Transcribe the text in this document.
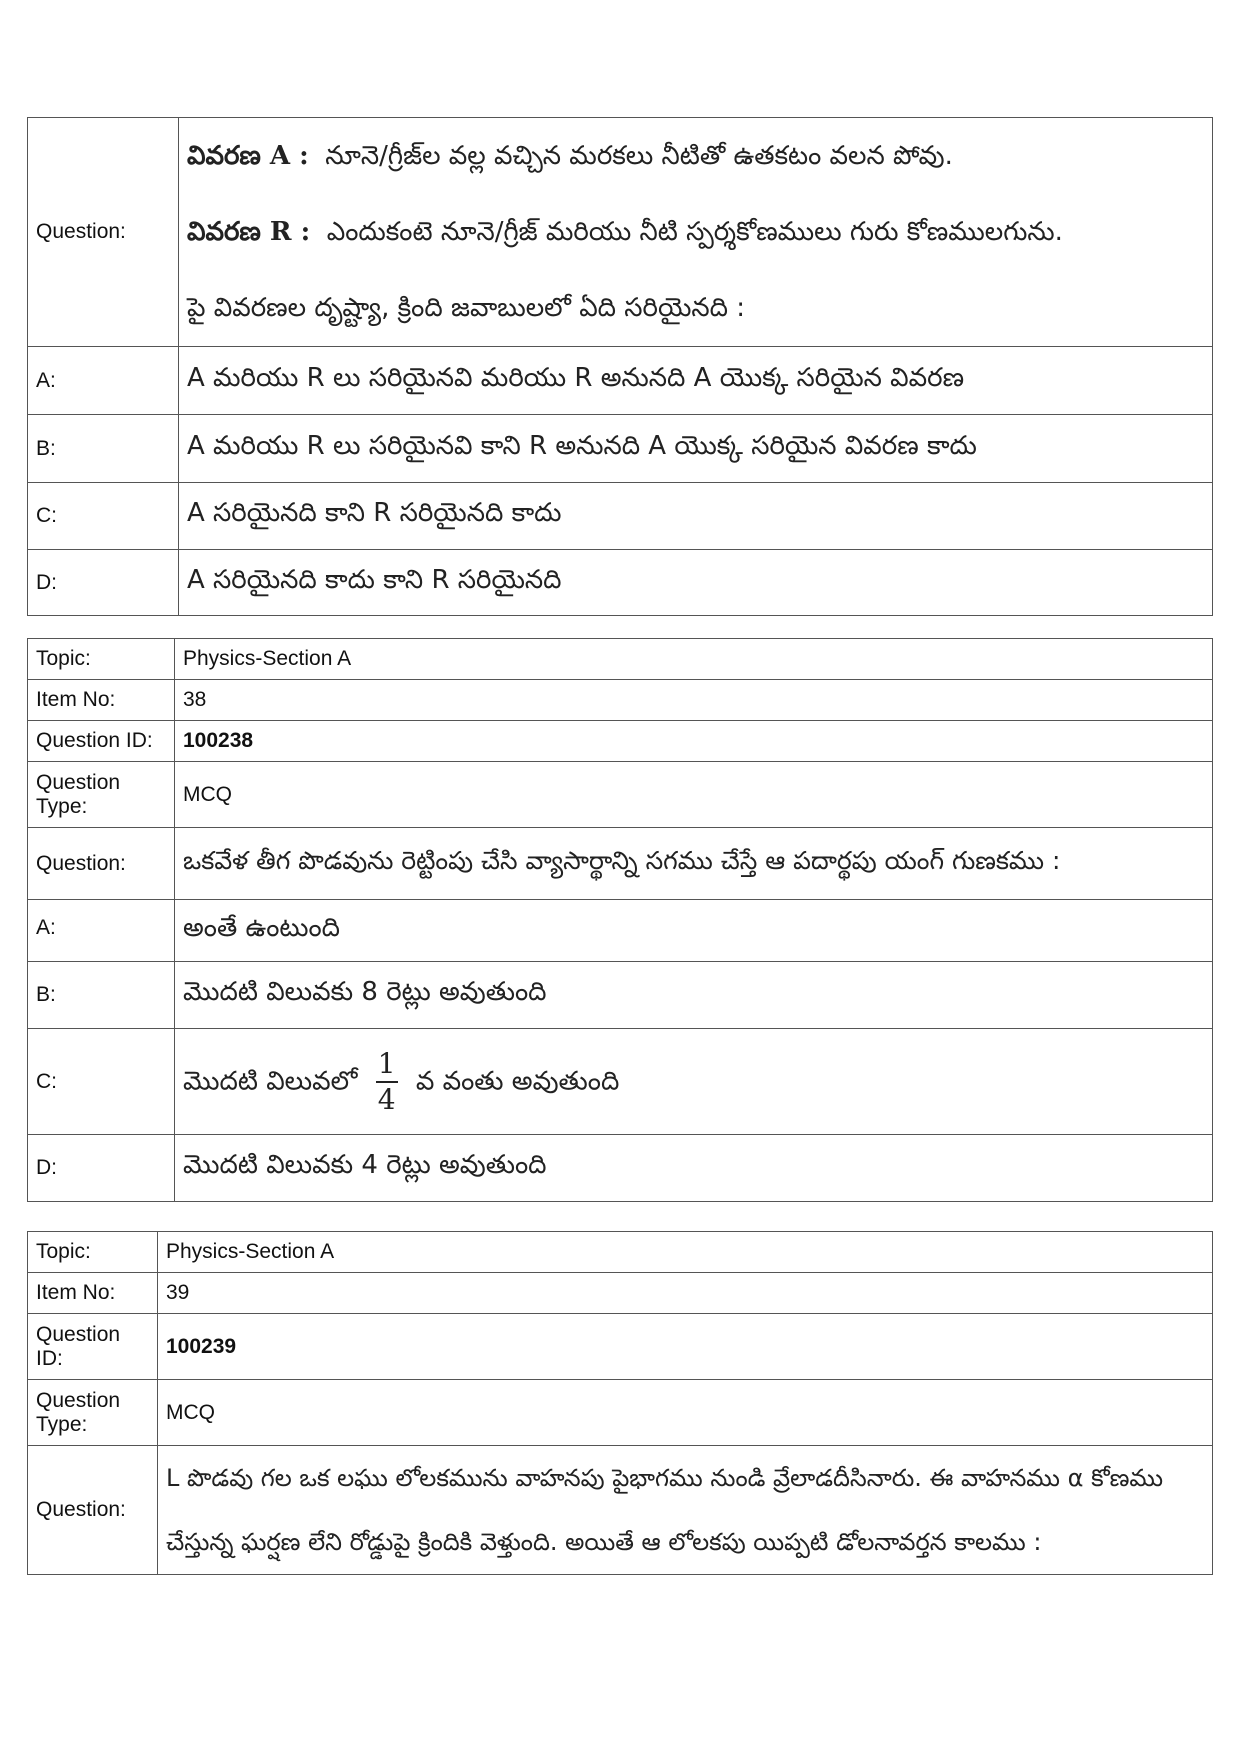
Question:	వివరణ A : నూనె/గ్రీజ్‌ల వల్ల వచ్చిన మరకలు నీటితో ఉతకటం వలన పోవు.

వివరణ R : ఎందుకంటె నూనె/గ్రీజ్ మరియు నీటి స్పర్శకోణములు గురు కోణములగును.

పై వివరణల దృష్ట్యా, క్రింది జవాబులలో ఏది సరియైనది :

A:	A మరియు R లు సరియైనవి మరియు R అనునది A యొక్క సరియైన వివరణ
B:	A మరియు R లు సరియైనవి కాని R అనునది A యొక్క సరియైన వివరణ కాదు
C:	A సరియైనది కాని R సరియైనది కాదు
D:	A సరియైనది కాదు కాని R సరియైనది
Topic:	Physics-Section A
Item No:	38
Question ID:	100238
Question Type:	MCQ
Question:	ఒకవేళ తీగ పొడవును రెట్టింపు చేసి వ్యాసార్థాన్ని సగము చేస్తే ఆ పదార్థపు యంగ్ గుణకము :
A:	అంతే ఉంటుంది
B:	మొదటి విలువకు 8 రెట్లు అవుతుంది
C:	మొదటి విలువలో $\frac{1}{4}$ వ వంతు అవుతుంది
D:	మొదటి విలువకు 4 రెట్లు అవుతుంది
Topic:	Physics-Section A
Item No:	39
Question ID:	100239
Question Type:	MCQ
Question:	L పొడవు గల ఒక లఘు లోలకమును వాహనపు పైభాగము నుండి వ్రేలాడదీసినారు. ఈ వాహనము α కోణము

చేస్తున్న ఘర్షణ లేని రోడ్డుపై క్రిందికి వెళ్తుంది. అయితే ఆ లోలకపు యిప్పటి డోలనావర్తన కాలము :
